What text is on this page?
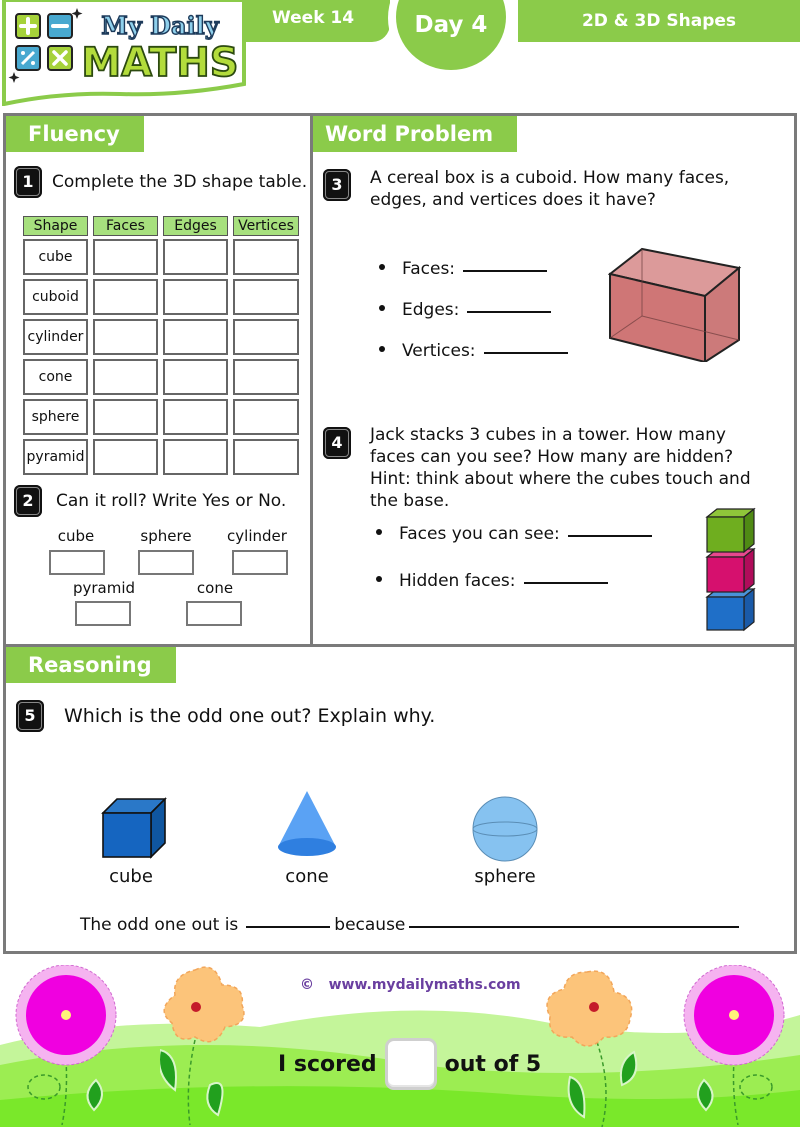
My Daily
MATHS
Week 14	2D & 3D Shapes
Day 4
Fluency
1	Complete the 3D shape table.
Shape	Faces	Edges	Vertices
cube
cuboid
cylinder
cone
sphere
pyramid
2	Can it roll? Write Yes or No.
cube	sphere	cylinder
pyramid	cone
Word Problem
3	A cereal box is a cuboid. How many faces,
edges, and vertices does it have?
Faces:
Edges:
Vertices:
4	Jack stacks 3 cubes in a tower. How many
faces can you see? How many are hidden?
Hint: think about where the cubes touch and
the base.
Faces you can see:
Hidden faces:
Reasoning
5	Which is the odd one out? Explain why.
cube	cone	sphere
The odd one out is	because
© www.mydailymaths.com
I scored	out of 5
